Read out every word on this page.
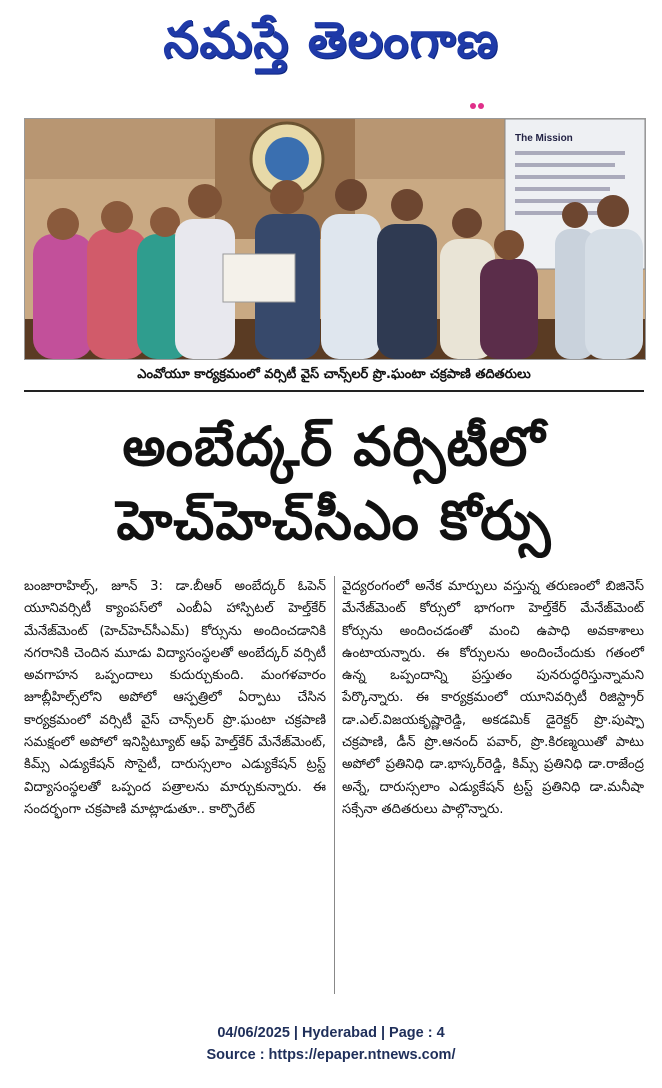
నమస్తే తెలంగాణ
The Mission
ఎంవోయూ కార్యక్రమంలో వర్సిటీ వైస్ చాన్స్‌లర్ ప్రొ.ఘంటా చక్రపాణి తదితరులు
అంబేద్కర్ వర్సిటీలో
హెచ్‌హెచ్‌సీఎం కోర్సు
బంజారాహిల్స్, జూన్ 3: డా.బీఆర్ అంబేద్కర్ ఓపెన్ యూనివర్సిటీ క్యాంపస్‌లో ఎంబీఏ హాస్పిటల్ హెల్త్‌కేర్ మేనేజ్‌మెంట్ (హెచ్‌హెచ్‌సీఎమ్) కోర్సును అందించడానికి నగరానికి చెందిన మూడు విద్యాసంస్థలతో అంబేద్కర్ వర్సిటీ అవగాహన ఒప్పందాలు కుదుర్చుకుంది. మంగళవారం జూబ్లీహిల్స్‌లోని అపోలో ఆస్పత్రిలో ఏర్పాటు చేసిన కార్యక్రమంలో వర్సిటీ వైస్ చాన్స్‌లర్ ప్రొ.ఘంటా చక్రపాణి సమక్షంలో అపోలో ఇనిస్టిట్యూట్ ఆఫ్ హెల్త్‌కేర్ మేనేజ్‌మెంట్, కిమ్స్ ఎడ్యుకేషన్ సొసైటీ, దారుస్సలాం ఎడ్యుకేషన్ ట్రస్ట్ విద్యాసంస్థలతో ఒప్పంద పత్రాలను మార్చుకున్నారు. ఈ సందర్భంగా చక్రపాణి మాట్లాడుతూ.. కార్పొరేట్
వైద్యరంగంలో అనేక మార్పులు వస్తున్న తరుణంలో బిజినెస్ మేనేజ్‌మెంట్ కోర్సులో భాగంగా హెల్త్‌కేర్ మేనేజ్‌మెంట్ కోర్సును అందించడంతో మంచి ఉపాధి అవకాశాలు ఉంటాయన్నారు. ఈ కోర్సులను అందించేందుకు గతంలో ఉన్న ఒప్పందాన్ని ప్రస్తుతం పునరుద్ధరిస్తున్నామని పేర్కొన్నారు. ఈ కార్యక్రమంలో యూనివర్సిటీ రిజిస్ట్రార్ డా.ఎల్.విజయకృష్ణారెడ్డి, అకడమిక్ డైరెక్టర్ ప్రొ.పుష్పా చక్రపాణి, డీన్ ప్రొ.ఆనంద్ పవార్, ప్రొ.కిరణ్మయితో పాటు అపోలో ప్రతినిధి డా.భాస్కర్‌రెడ్డి, కిమ్స్ ప్రతినిధి డా.రాజేంద్ర అన్నే, దారుస్సలాం ఎడ్యుకేషన్ ట్రస్ట్ ప్రతినిధి డా.మనీషా సక్సేనా తదితరులు పాల్గొన్నారు.
04/06/2025 | Hyderabad | Page : 4
Source : https://epaper.ntnews.com/
